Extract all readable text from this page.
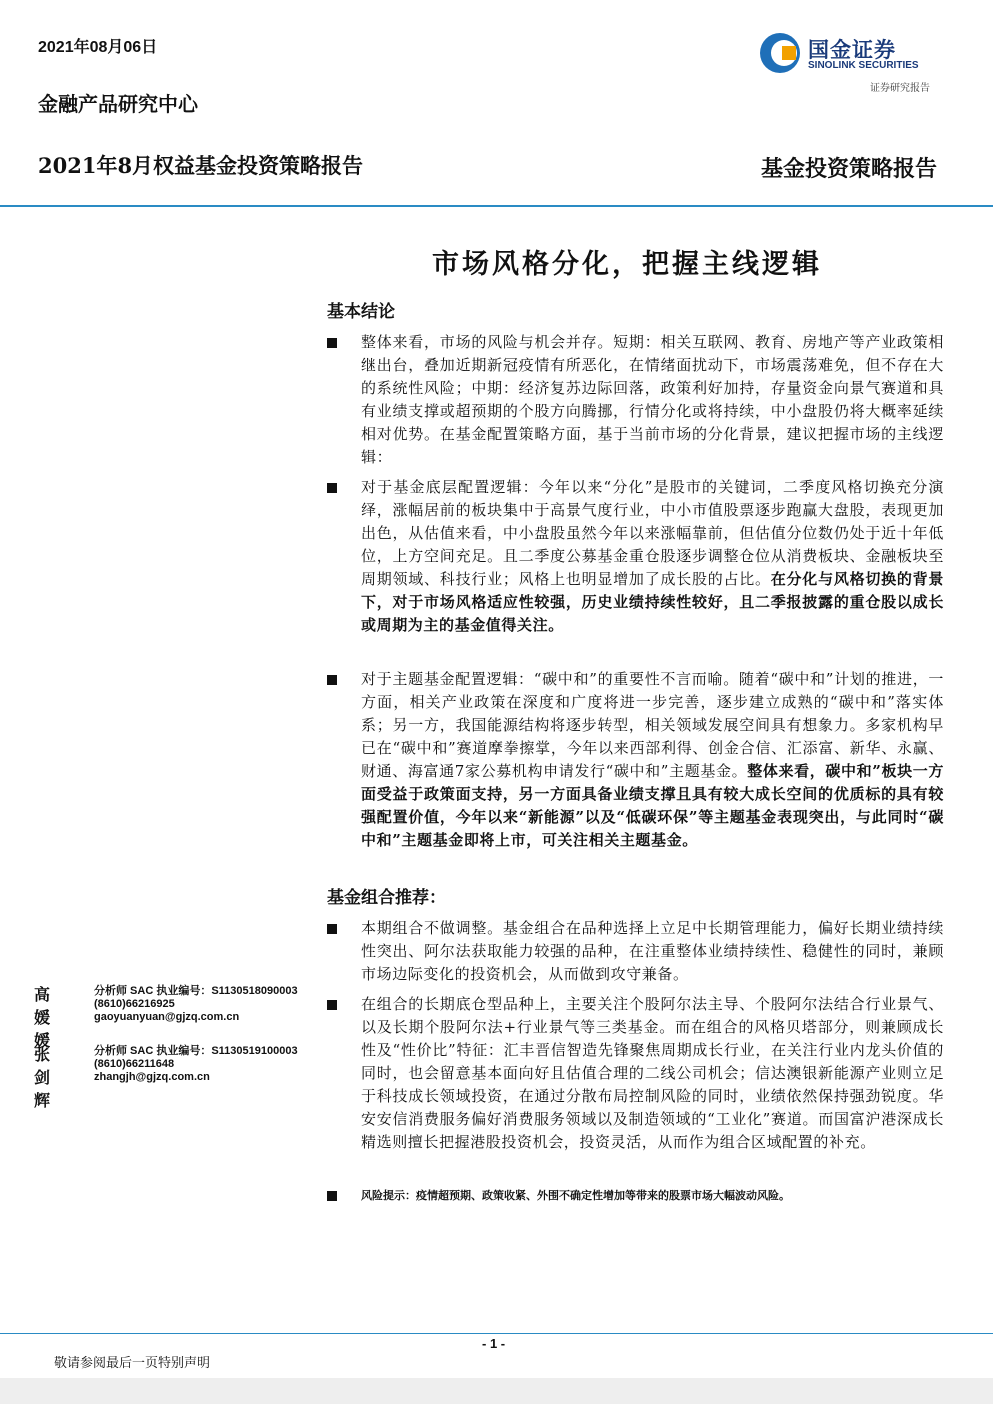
2021年08月06日
金融产品研究中心
2021年8月权益基金投资策略报告	基金投资策略报告
国金证券
SINOLINK SECURITIES
证券研究报告
市场风格分化，把握主线逻辑
基本结论
整体来看，市场的风险与机会并存。短期：相关互联网、教育、房地产等产业政策相继出台，叠加近期新冠疫情有所恶化，在情绪面扰动下，市场震荡难免，但不存在大的系统性风险；中期：经济复苏边际回落，政策利好加持，存量资金向景气赛道和具有业绩支撑或超预期的个股方向腾挪，行情分化或将持续，中小盘股仍将大概率延续相对优势。在基金配置策略方面，基于当前市场的分化背景，建议把握市场的主线逻辑：
对于基金底层配置逻辑：今年以来“分化”是股市的关键词，二季度风格切换充分演绎，涨幅居前的板块集中于高景气度行业，中小市值股票逐步跑赢大盘股，表现更加出色，从估值来看，中小盘股虽然今年以来涨幅靠前，但估值分位数仍处于近十年低位，上方空间充足。且二季度公募基金重仓股逐步调整仓位从消费板块、金融板块至周期领域、科技行业；风格上也明显增加了成长股的占比。在分化与风格切换的背景下，对于市场风格适应性较强，历史业绩持续性较好，且二季报披露的重仓股以成长或周期为主的基金值得关注。
对于主题基金配置逻辑：“碳中和”的重要性不言而喻。随着“碳中和”计划的推进，一方面，相关产业政策在深度和广度将进一步完善，逐步建立成熟的“碳中和”落实体系；另一方，我国能源结构将逐步转型，相关领域发展空间具有想象力。多家机构早已在“碳中和”赛道摩拳擦掌，今年以来西部利得、创金合信、汇添富、新华、永赢、财通、海富通7家公募机构申请发行“碳中和”主题基金。整体来看，碳中和”板块一方面受益于政策面支持，另一方面具备业绩支撑且具有较大成长空间的优质标的具有较强配置价值，今年以来“新能源”以及“低碳环保”等主题基金表现突出，与此同时“碳中和”主题基金即将上市，可关注相关主题基金。
基金组合推荐：
本期组合不做调整。基金组合在品种选择上立足中长期管理能力，偏好长期业绩持续性突出、阿尔法获取能力较强的品种，在注重整体业绩持续性、稳健性的同时，兼顾市场边际变化的投资机会，从而做到攻守兼备。
在组合的长期底仓型品种上，主要关注个股阿尔法主导、个股阿尔法结合行业景气、以及长期个股阿尔法+行业景气等三类基金。而在组合的风格贝塔部分，则兼顾成长性及“性价比”特征：汇丰晋信智造先锋聚焦周期成长行业，在关注行业内龙头价值的同时，也会留意基本面向好且估值合理的二线公司机会；信达澳银新能源产业则立足于科技成长领域投资，在通过分散布局控制风险的同时，业绩依然保持强劲锐度。华安安信消费服务偏好消费服务领域以及制造领域的“工业化”赛道。而国富沪港深成长精选则擅长把握港股投资机会，投资灵活，从而作为组合区域配置的补充。
风险提示：疫情超预期、政策收紧、外围不确定性增加等带来的股票市场大幅波动风险。
高媛媛
分析师 SAC 执业编号：S1130518090003
(8610)66216925
gaoyuanyuan@gjzq.com.cn
张剑辉
分析师 SAC 执业编号：S1130519100003
(8610)66211648
zhangjh@gjzq.com.cn
- 1 -
敬请参阅最后一页特别声明
